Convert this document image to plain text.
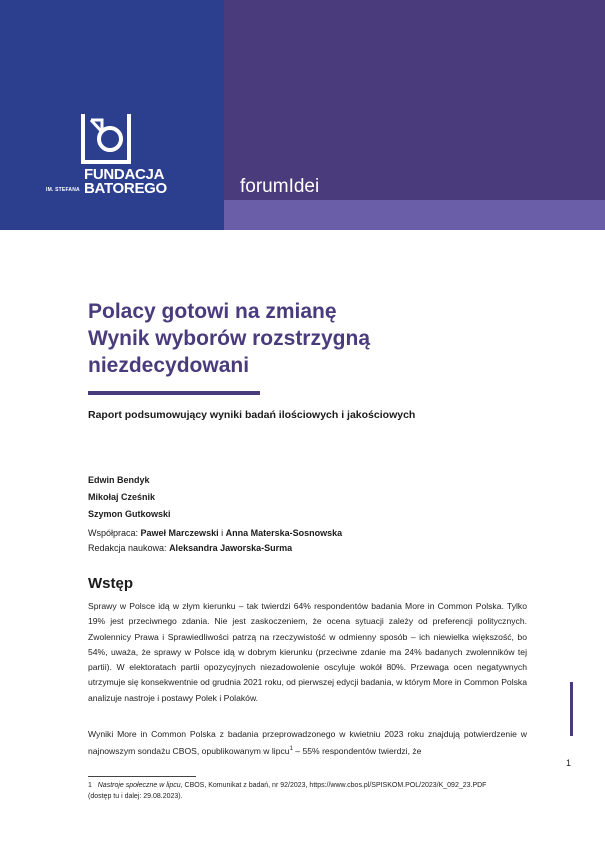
FUNDACJA
BATOREGO
IM. STEFANA	forumIdei
Polacy gotowi na zmianę
Wynik wyborów rozstrzygną
niezdecydowani
Raport podsumowujący wyniki badań ilościowych i jakościowych
Edwin Bendyk
Mikołaj Cześnik
Szymon Gutkowski
Współpraca: Paweł Marczewski i Anna Materska-Sosnowska
Redakcja naukowa: Aleksandra Jaworska-Surma
Wstęp

Sprawy w Polsce idą w złym kierunku – tak twierdzi 64% respondentów badania More in Common Polska. Tylko 19% jest przeciwnego zdania. Nie jest zaskoczeniem, że ocena sytuacji zależy od preferencji politycznych. Zwolennicy Prawa i Sprawiedliwości patrzą na rzeczywistość w odmienny sposób – ich niewielka większość, bo 54%, uważa, że sprawy w Polsce idą w dobrym kierunku (przeciwne zdanie ma 24% badanych zwolenników tej partii). W elektoratach partii opozycyjnych niezadowolenie oscyluje wokół 80%. Przewaga ocen negatywnych utrzymuje się konsekwentnie od grudnia 2021 roku, od pierwszej edycji badania, w którym More in Common Polska analizuje nastroje i postawy Polek i Polaków.

Wyniki More in Common Polska z badania przeprowadzonego w kwietniu 2023 roku znajdują potwierdzenie w najnowszym sondażu CBOS, opublikowanym w lipcu$^1$ – 55% respondentów twierdzi, że

1
1 Nastroje społeczne w lipcu, CBOS, Komunikat z badań, nr 92/2023, https://www.cbos.pl/SPISKOM.POL/2023/K_092_23.PDF
(dostęp tu i dalej: 29.08.2023).
